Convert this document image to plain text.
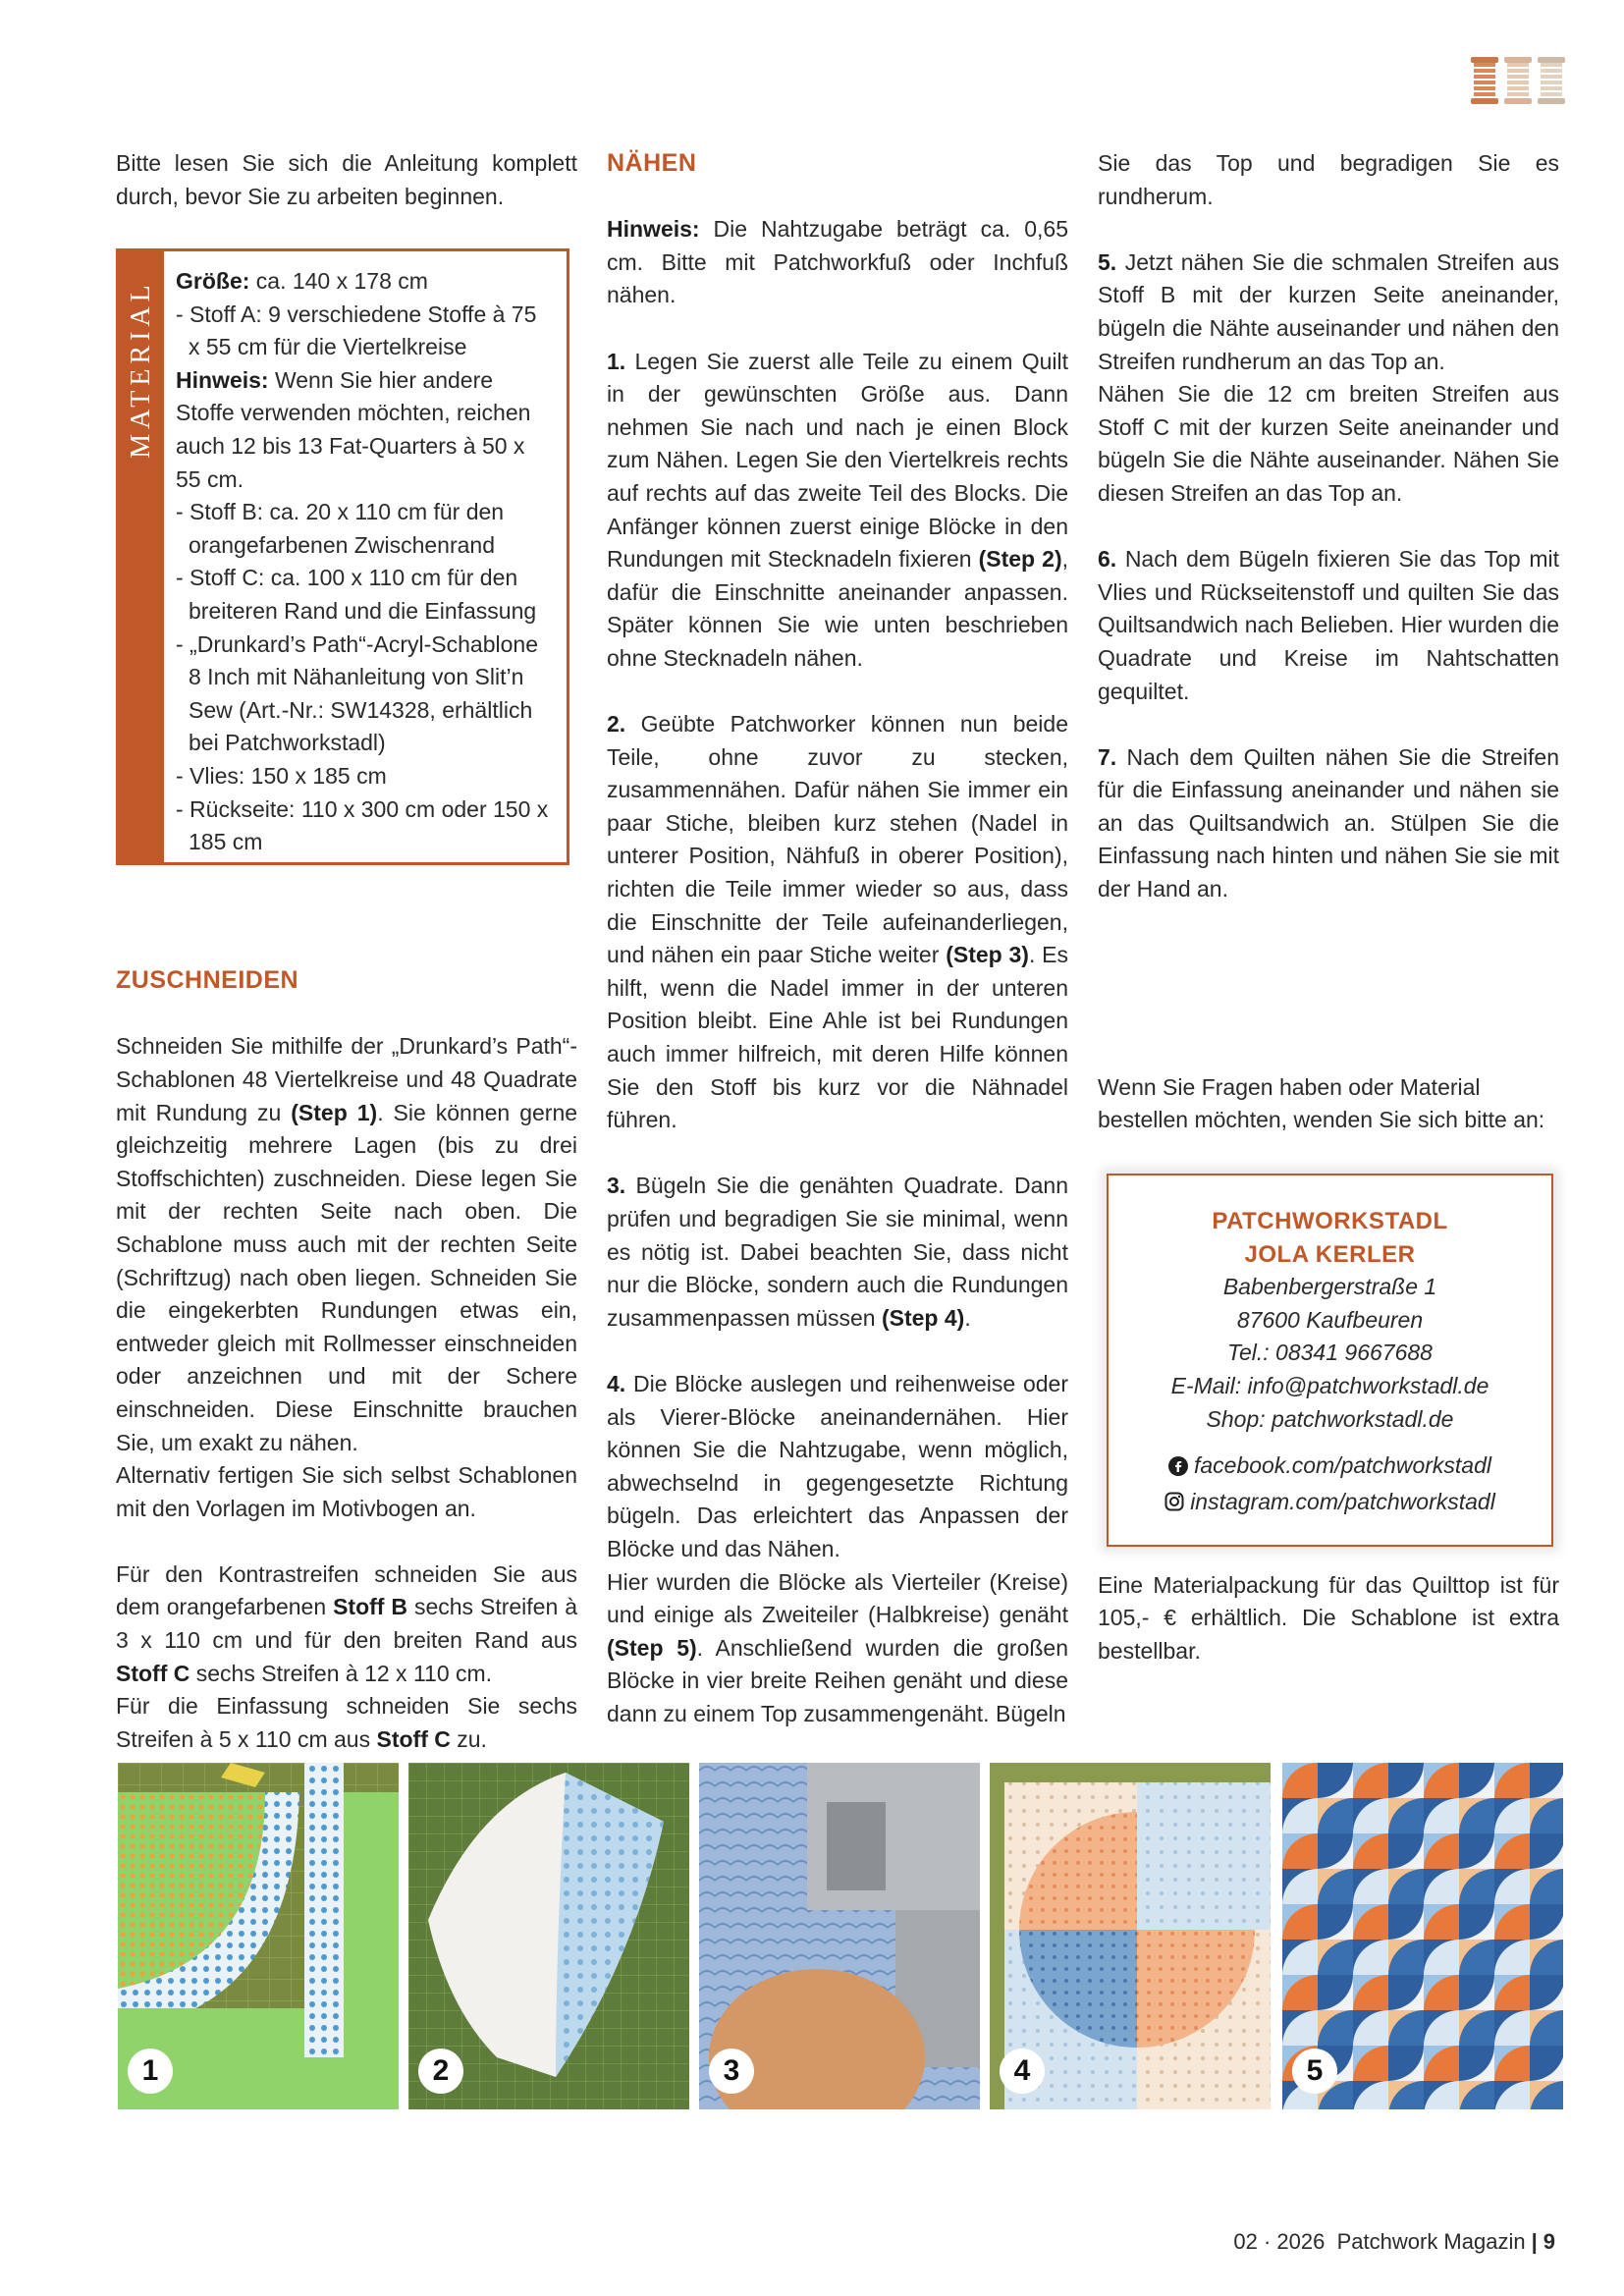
Bitte lesen Sie sich die Anleitung komplett durch, bevor Sie zu arbeiten beginnen.

ZUSCHNEIDEN

Schneiden Sie mithilfe der „Drunkard’s Path“-Schablonen 48 Viertelkreise und 48 Quadrate mit Rundung zu (Step 1). Sie können gerne gleichzeitig mehrere Lagen (bis zu drei Stoffschichten) zuschneiden. Diese legen Sie mit der rechten Seite nach oben. Die Schablone muss auch mit der rechten Seite (Schriftzug) nach oben liegen. Schneiden Sie die eingekerbten Rundungen etwas ein, entweder gleich mit Rollmesser einschneiden oder anzeichnen und mit der Schere einschneiden. Diese Einschnitte brauchen Sie, um exakt zu nähen.

Alternativ fertigen Sie sich selbst Schablonen mit den Vorlagen im Motivbogen an.

Für den Kontrastreifen schneiden Sie aus dem orangefarbenen Stoff B sechs Streifen à 3 x 110 cm und für den breiten Rand aus Stoff C sechs Streifen à 12 x 110 cm.

Für die Einfassung schneiden Sie sechs Streifen à 5 x 110 cm aus Stoff C zu.

MATERIAL Größe: ca. 140 x 178 cm

- Stoff A: 9 verschiedene Stoffe à 75 x 55 cm für die Viertelkreise

Hinweis: Wenn Sie hier andere Stoffe verwenden möchten, reichen auch 12 bis 13 Fat-Quarters à 50 x 55 cm.

- Stoff B: ca. 20 x 110 cm für den orangefarbenen Zwischenrand

- Stoff C: ca. 100 x 110 cm für den breiteren Rand und die Einfassung

- „Drunkard’s Path“-Acryl-Schablone 8 Inch mit Nähanleitung von Slit’n Sew (Art.-Nr.: SW14328, erhältlich bei Patchworkstadl)

- Vlies: 150 x 185 cm

- Rückseite: 110 x 300 cm oder 150 x 185 cm

NÄHEN

Hinweis: Die Nahtzugabe beträgt ca. 0,65 cm. Bitte mit Patchworkfuß oder Inchfuß nähen.

1. Legen Sie zuerst alle Teile zu einem Quilt in der gewünschten Größe aus. Dann nehmen Sie nach und nach je einen Block zum Nähen. Legen Sie den Viertelkreis rechts auf rechts auf das zweite Teil des Blocks. Die Anfänger können zuerst einige Blöcke in den Rundungen mit Stecknadeln fixieren (Step 2), dafür die Einschnitte aneinander anpassen. Später können Sie wie unten beschrieben ohne Stecknadeln nähen.

2. Geübte Patchworker können nun beide Teile, ohne zuvor zu stecken, zusammennähen. Dafür nähen Sie immer ein paar Stiche, bleiben kurz stehen (Nadel in unterer Position, Nähfuß in oberer Position), richten die Teile immer wieder so aus, dass die Einschnitte der Teile aufeinanderliegen, und nähen ein paar Stiche weiter (Step 3). Es hilft, wenn die Nadel immer in der unteren Position bleibt. Eine Ahle ist bei Rundungen auch immer hilfreich, mit deren Hilfe können Sie den Stoff bis kurz vor die Nähnadel führen.

3. Bügeln Sie die genähten Quadrate. Dann prüfen und begradigen Sie sie minimal, wenn es nötig ist. Dabei beachten Sie, dass nicht nur die Blöcke, sondern auch die Rundungen zusammenpassen müssen (Step 4).

4. Die Blöcke auslegen und reihenweise oder als Vierer-Blöcke aneinandernähen. Hier können Sie die Nahtzugabe, wenn möglich, abwechselnd in gegengesetzte Richtung bügeln. Das erleichtert das Anpassen der Blöcke und das Nähen.

Hier wurden die Blöcke als Vierteiler (Kreise) und einige als Zweiteiler (Halbkreise) genäht (Step 5). Anschließend wurden die großen Blöcke in vier breite Reihen genäht und diese dann zu einem Top zusammengenäht. Bügeln

Sie das Top und begradigen Sie es rundherum.

5. Jetzt nähen Sie die schmalen Streifen aus Stoff B mit der kurzen Seite aneinander, bügeln die Nähte auseinander und nähen den Streifen rundherum an das Top an.

Nähen Sie die 12 cm breiten Streifen aus Stoff C mit der kurzen Seite aneinander und bügeln Sie die Nähte auseinander. Nähen Sie diesen Streifen an das Top an.

6. Nach dem Bügeln fixieren Sie das Top mit Vlies und Rückseitenstoff und quilten Sie das Quiltsandwich nach Belieben. Hier wurden die Quadrate und Kreise im Nahtschatten gequiltet.

7. Nach dem Quilten nähen Sie die Streifen für die Einfassung aneinander und nähen sie an das Quiltsandwich an. Stülpen Sie die Einfassung nach hinten und nähen Sie sie mit der Hand an.

Wenn Sie Fragen haben oder Material bestellen möchten, wenden Sie sich bitte an:

Eine Materialpackung für das Quilttop ist für 105,- € erhältlich. Die Schablone ist extra bestellbar.

PATCHWORKSTADL
JOLA KERLER
Babenbergerstraße 1
87600 Kaufbeuren
Tel.: 08341 9667688
E-Mail: info@patchworkstadl.de
Shop: patchworkstadl.de
facebook.com/patchworkstadl
instagram.com/patchworkstadl
1	2	3	4	5
02 · 2026 Patchwork Magazin | 9
